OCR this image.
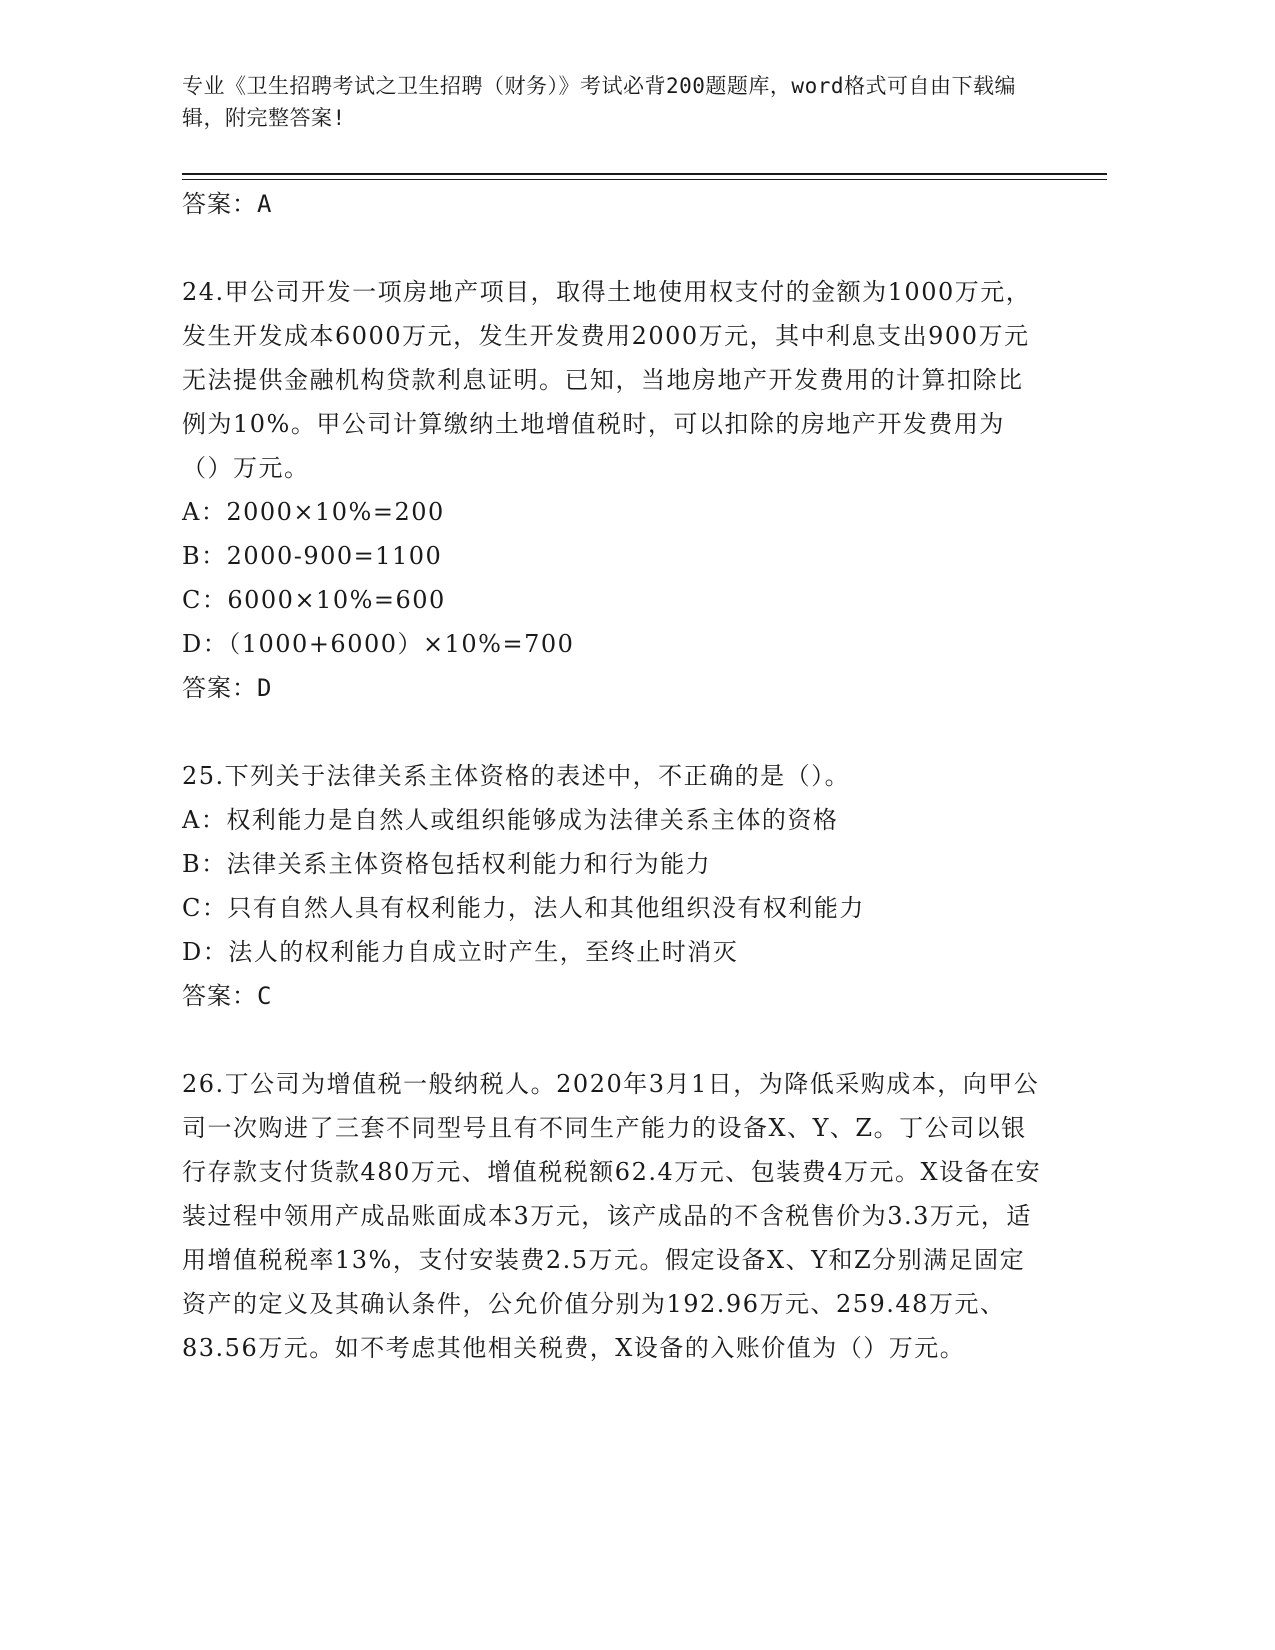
专业《卫生招聘考试之卫生招聘（财务）》考试必背200题题库，word格式可自由下载编辑，附完整答案!
答案：A
24.甲公司开发一项房地产项目，取得土地使用权支付的金额为1000万元，发生开发成本6000万元，发生开发费用2000万元，其中利息支出900万元无法提供金融机构贷款利息证明。已知，当地房地产开发费用的计算扣除比例为10%。甲公司计算缴纳土地增值税时，可以扣除的房地产开发费用为（）万元。
A：2000×10%=200
B：2000-900=1100
C：6000×10%=600
D：（1000+6000）×10%=700
答案：D
25.下列关于法律关系主体资格的表述中，不正确的是（）。
A：权利能力是自然人或组织能够成为法律关系主体的资格
B：法律关系主体资格包括权利能力和行为能力
C：只有自然人具有权利能力，法人和其他组织没有权利能力
D：法人的权利能力自成立时产生，至终止时消灭
答案：C
26.丁公司为增值税一般纳税人。2020年3月1日，为降低采购成本，向甲公司一次购进了三套不同型号且有不同生产能力的设备X、Y、Z。丁公司以银行存款支付货款480万元、增值税税额62.4万元、包装费4万元。X设备在安装过程中领用产成品账面成本3万元，该产成品的不含税售价为3.3万元，适用增值税税率13%，支付安装费2.5万元。假定设备X、Y和Z分别满足固定资产的定义及其确认条件，公允价值分别为192.96万元、259.48万元、83.56万元。如不考虑其他相关税费，X设备的入账价值为（）万元。
